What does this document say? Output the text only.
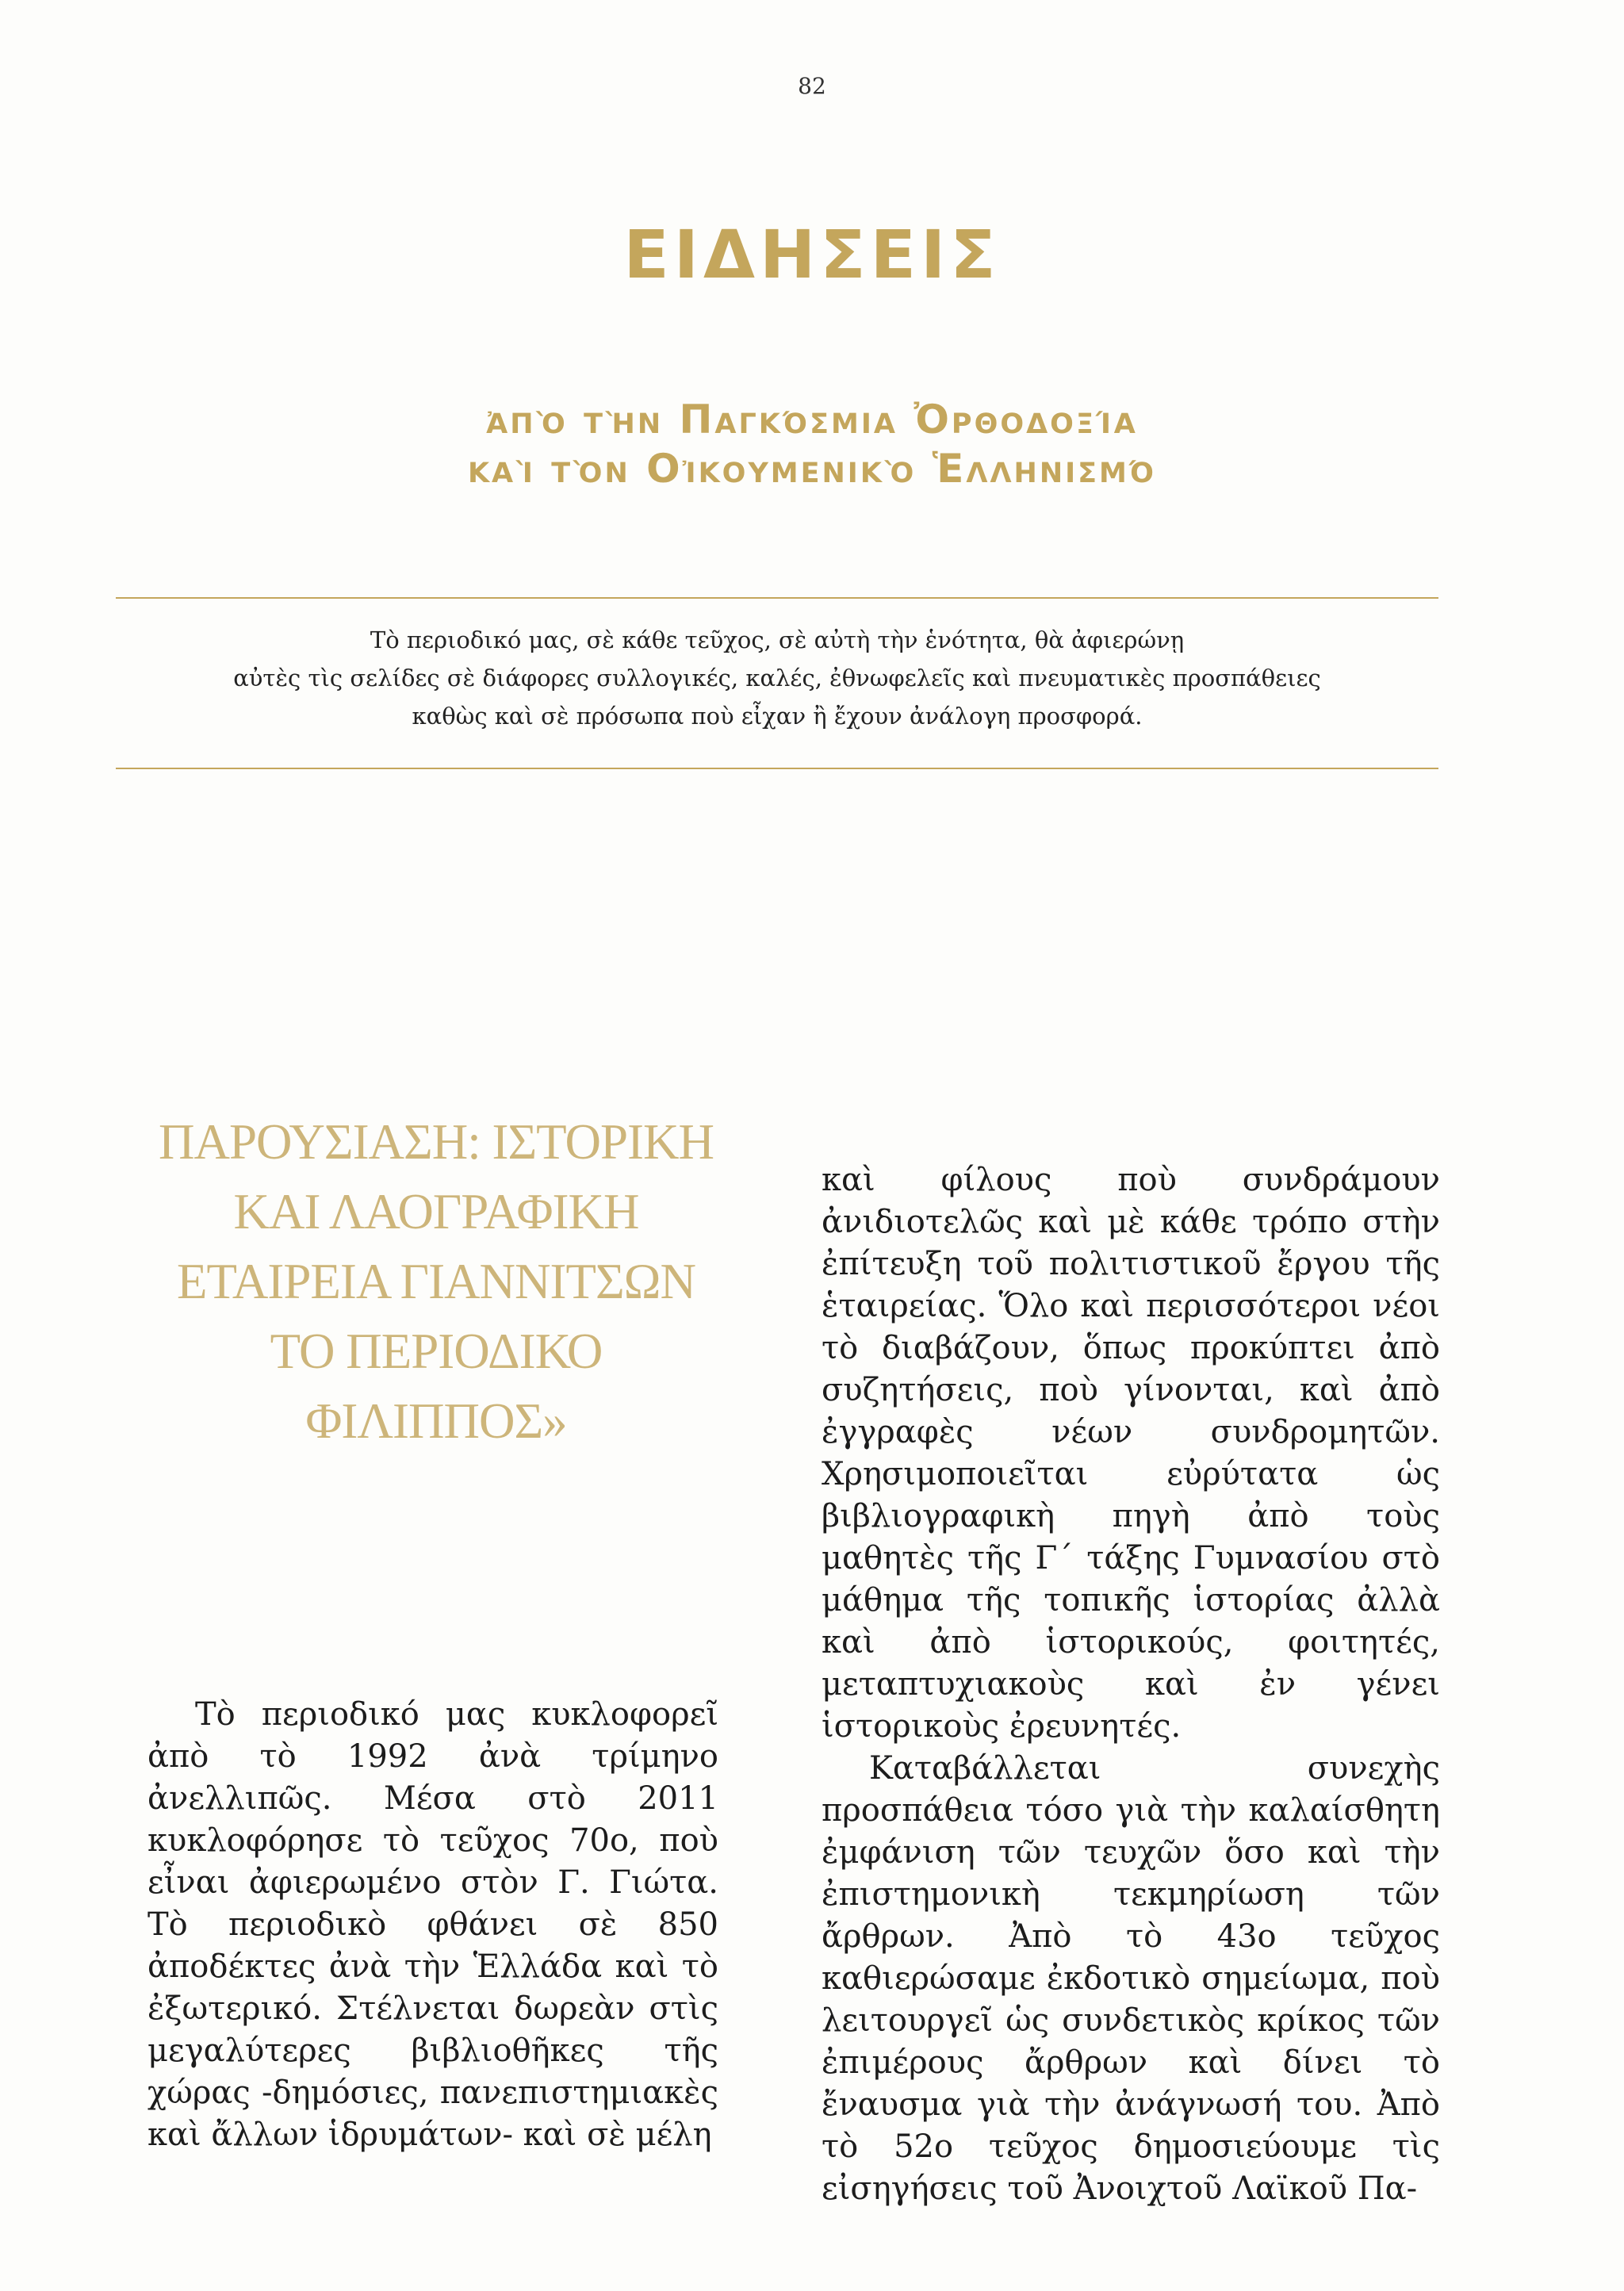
82
ΕΙΔΗΣΕΙΣ
ἀπὸ τὴν Παγκόσμια Ὀρθοδοξία
καὶ τὸν Οἰκουμενικὸ Ἑλληνισμό
Τὸ περιοδικό μας, σὲ κάθε τεῦχος, σὲ αὐτὴ τὴν ἑνότητα, θὰ ἀφιερώνῃ
αὐτὲς τὶς σελίδες σὲ διάφορες συλλογικές, καλές, ἐθνωφελεῖς καὶ πνευματικὲς προσπάθειες
καθὼς καὶ σὲ πρόσωπα ποὺ εἶχαν ἢ ἔχουν ἀνάλογη προσφορά.
ΠΑΡΟΥΣΙΑΣΗ: ΙΣΤΟΡΙΚΗ
ΚΑΙ ΛΑΟΓΡΑΦΙΚΗ
ΕΤΑΙΡΕΙΑ ΓΙΑΝΝΙΤΣΩΝ
ΤΟ ΠΕΡΙΟΔΙΚΟ
ΦΙΛΙΠΠΟΣ»

Τὸ περιοδικό μας κυκλοφορεῖ ἀπὸ τὸ 1992 ἀνὰ τρίμηνο ἀνελλιπῶς. Μέσα στὸ 2011 κυκλοφόρησε τὸ τεῦχος 70ο, ποὺ εἶναι ἀφιερωμένο στὸν Γ. Γιώτα. Τὸ περιοδικὸ φθάνει σὲ 850 ἀποδέκτες ἀνὰ τὴν Ἑλλάδα καὶ τὸ ἐξωτερικό. Στέλνεται δωρεὰν στὶς μεγαλύτερες βιβλιοθῆκες τῆς χώρας -δημόσιες, πανεπιστημιακὲς καὶ ἄλλων ἱδρυμάτων- καὶ σὲ μέλη

καὶ φίλους ποὺ συνδράμουν ἀνιδιοτελῶς καὶ μὲ κάθε τρόπο στὴν ἐπίτευξη τοῦ πολιτιστικοῦ ἔργου τῆς ἑταιρείας. Ὅλο καὶ περισσότεροι νέοι τὸ διαβάζουν, ὅπως προκύπτει ἀπὸ συζητήσεις, ποὺ γίνονται, καὶ ἀπὸ ἐγγραφὲς νέων συνδρομητῶν. Χρησιμοποιεῖται εὐρύτατα ὡς βιβλιογραφικὴ πηγὴ ἀπὸ τοὺς μαθητὲς τῆς Γ΄ τάξης Γυμνασίου στὸ μάθημα τῆς τοπικῆς ἱστορίας ἀλλὰ καὶ ἀπὸ ἱστορικούς, φοιτητές, μεταπτυχιακοὺς καὶ ἐν γένει ἱστορικοὺς ἐρευνητές.

Καταβάλλεται συνεχὴς προσπάθεια τόσο γιὰ τὴν καλαίσθητη ἐμφάνιση τῶν τευχῶν ὅσο καὶ τὴν ἐπιστημονικὴ τεκμηρίωση τῶν ἄρθρων. Ἀπὸ τὸ 43ο τεῦχος καθιερώσαμε ἐκδοτικὸ σημείωμα, ποὺ λειτουργεῖ ὡς συνδετικὸς κρίκος τῶν ἐπιμέρους ἄρθρων καὶ δίνει τὸ ἔναυσμα γιὰ τὴν ἀνάγνωσή του. Ἀπὸ τὸ 52ο τεῦχος δημοσιεύουμε τὶς εἰσηγήσεις τοῦ Ἀνοιχτοῦ Λαϊκοῦ Πα-
